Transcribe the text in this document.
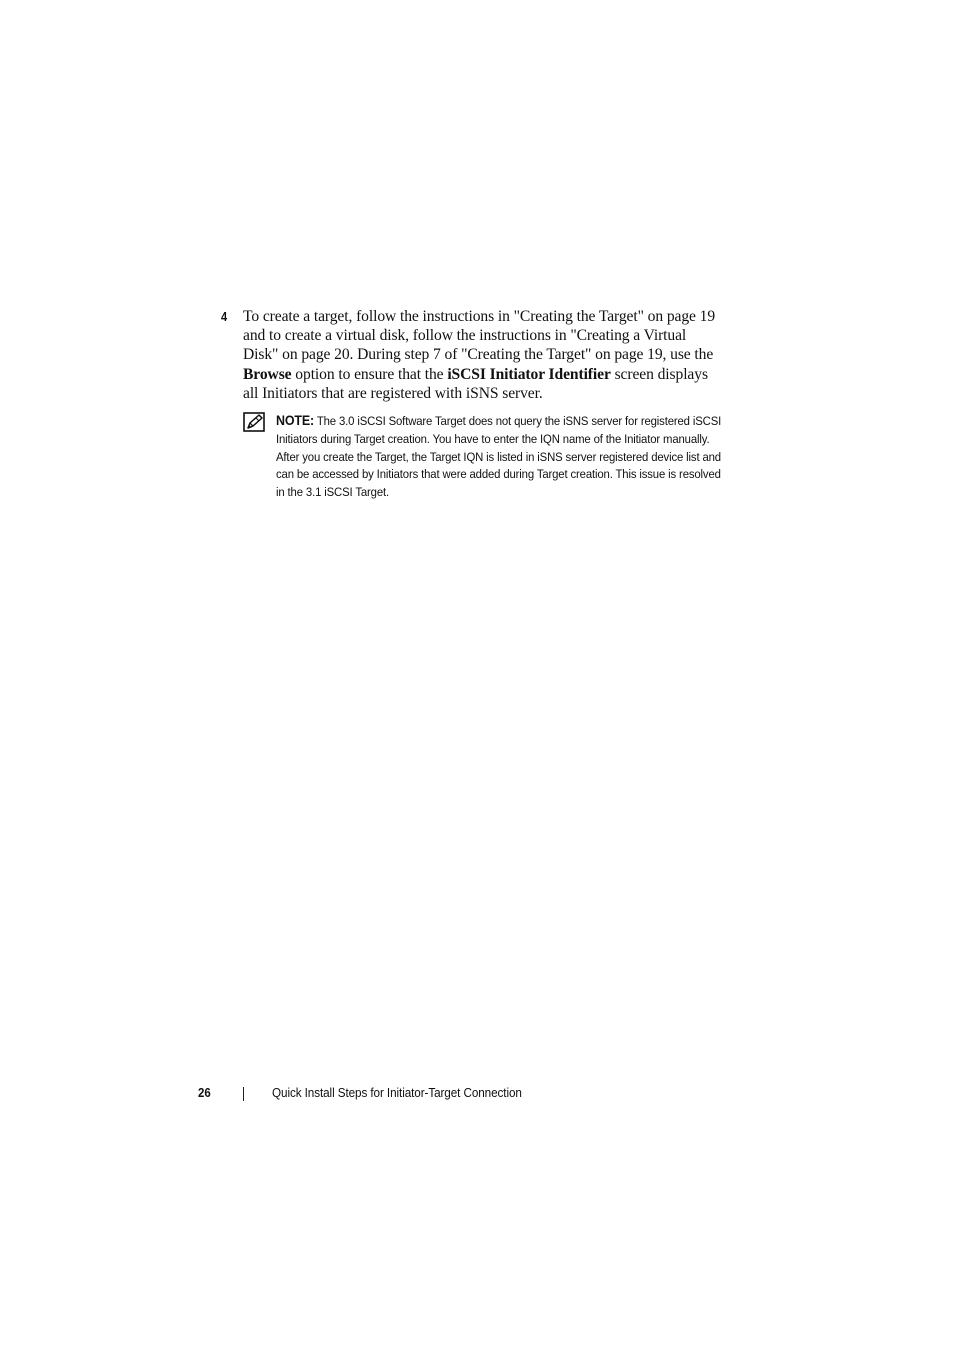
4 To create a target, follow the instructions in "Creating the Target" on page 19 and to create a virtual disk, follow the instructions in "Creating a Virtual Disk" on page 20. During step 7 of "Creating the Target" on page 19, use the Browse option to ensure that the iSCSI Initiator Identifier screen displays all Initiators that are registered with iSNS server.
NOTE: The 3.0 iSCSI Software Target does not query the iSNS server for registered iSCSI Initiators during Target creation. You have to enter the IQN name of the Initiator manually. After you create the Target, the Target IQN is listed in iSNS server registered device list and can be accessed by Initiators that were added during Target creation. This issue is resolved in the 3.1 iSCSI Target.
26	Quick Install Steps for Initiator-Target Connection
